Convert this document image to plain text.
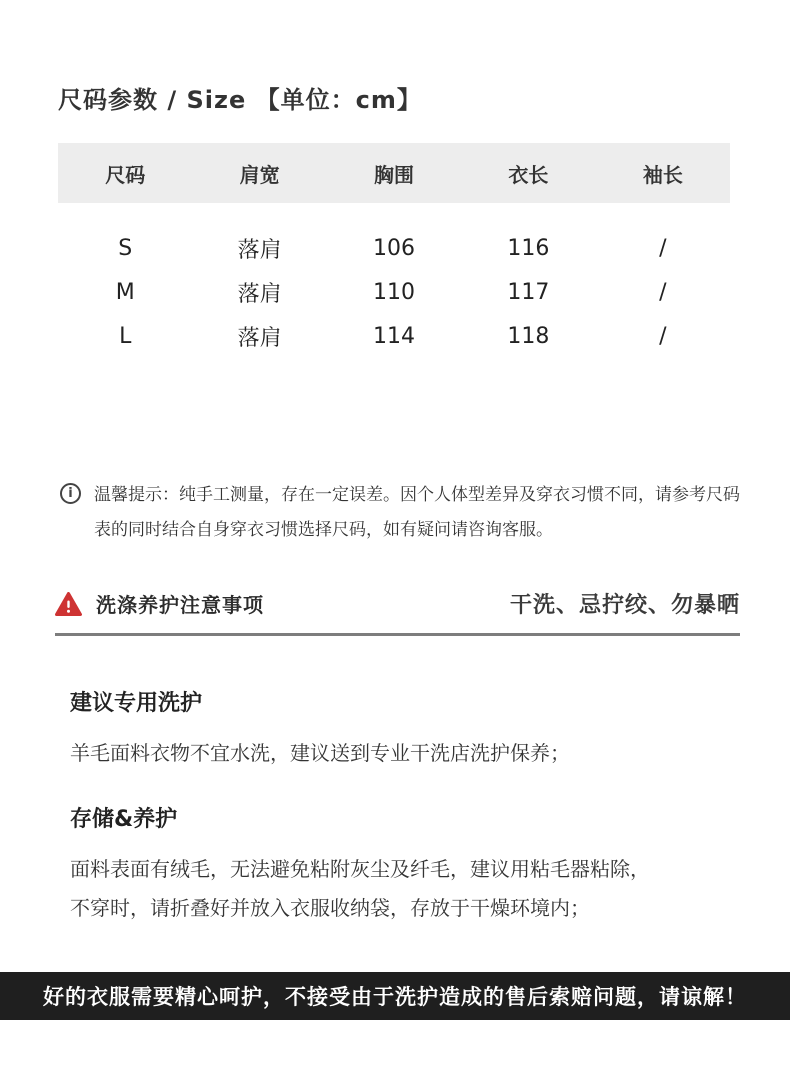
尺码参数 / Size 【单位：cm】
尺码	肩宽	胸围	衣长	袖长
S	落肩	106	116	/
M	落肩	110	117	/
L	落肩	114	118	/
i	温馨提示：纯手工测量，存在一定误差。因个人体型差异及穿衣习惯不同，请参考尺码表的同时结合自身穿衣习惯选择尺码，如有疑问请咨询客服。

洗涤养护注意事项	干洗、忌拧绞、勿暴晒
建议专用洗护

羊毛面料衣物不宜水洗，建议送到专业干洗店洗护保养；

存储&养护

面料表面有绒毛，无法避免粘附灰尘及纤毛，建议用粘毛器粘除，不穿时，请折叠好并放入衣服收纳袋，存放于干燥环境内；

好的衣服需要精心呵护，不接受由于洗护造成的售后索赔问题，请谅解！
